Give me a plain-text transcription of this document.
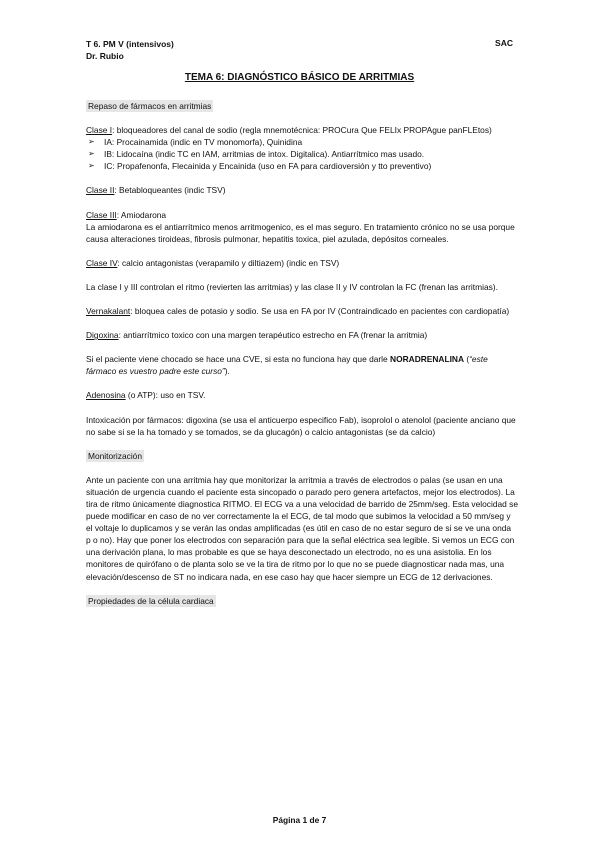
T 6. PM V (intensivos)
Dr. Rubio
SAC
TEMA 6: DIAGNÓSTICO BÁSICO DE ARRITMIAS
Repaso de fármacos en arritmias
Clase I: bloqueadores del canal de sodio (regla mnemotécnica: PROCura Que FELIx PROPAgue panFLEtos)
➢ IA: Procainamida (indic en TV monomorfa), Quinidina
➢ IB: Lidocaína (indic TC en IAM, arritmias de intox. Digitalica). Antiarrítmico mas usado.
➢ IC: Propafenonfa, Flecainida y Encainida (uso en FA para cardioversión y tto preventivo)
Clase II: Betabloqueantes (indic TSV)
Clase III: Amiodarona
La amiodarona es el antiarrítmico menos arritmogenico, es el mas seguro. En tratamiento crónico no se usa porque causa alteraciones tiroideas, fibrosis pulmonar, hepatitis toxica, piel azulada, depósitos corneales.
Clase IV: calcio antagonistas (verapamilo y diltiazem) (indic en TSV)
La clase I y III controlan el ritmo (revierten las arritmias) y las clase II y IV controlan la FC (frenan las arritmias).
Vernakalant: bloquea cales de potasio y sodio. Se usa en FA por IV (Contraindicado en pacientes con cardiopatía)
Digoxina: antiarrítmico toxico con una margen terapéutico estrecho en FA (frenar la arritmia)
Si el paciente viene chocado se hace una CVE, si esta no funciona hay que darle NORADRENALINA (“este fármaco es vuestro padre este curso”).
Adenosina (o ATP): uso en TSV.
Intoxicación por fármacos: digoxina (se usa el anticuerpo especifico Fab), isoprolol o atenolol (paciente anciano que no sabe si se la ha tomado y se tomados, se da glucagón) o calcio antagonistas (se da calcio)
Monitorización
Ante un paciente con una arritmia hay que monitorizar la arritmia a través de electrodos o palas (se usan en una situación de urgencia cuando el paciente esta sincopado o parado pero genera artefactos, mejor los electrodos). La tira de ritmo únicamente diagnostica RITMO. El ECG va a una velocidad de barrido de 25mm/seg. Esta velocidad se puede modificar en caso de no ver correctamente la el ECG, de tal modo que subimos la velocidad a 50 mm/seg y el voltaje lo duplicamos y se verán las ondas amplificadas (es útil en caso de no estar seguro de si se ve una onda p o no). Hay que poner los electrodos con separación para que la señal eléctrica sea legible. Si vemos un ECG con una derivación plana, lo mas probable es que se haya desconectado un electrodo, no es una asistolia. En los monitores de quirófano o de planta solo se ve la tira de ritmo por lo que no se puede diagnosticar nada mas, una elevación/descenso de ST no indicara nada, en ese caso hay que hacer siempre un ECG de 12 derivaciones.
Propiedades de la célula cardiaca
Página 1 de 7
